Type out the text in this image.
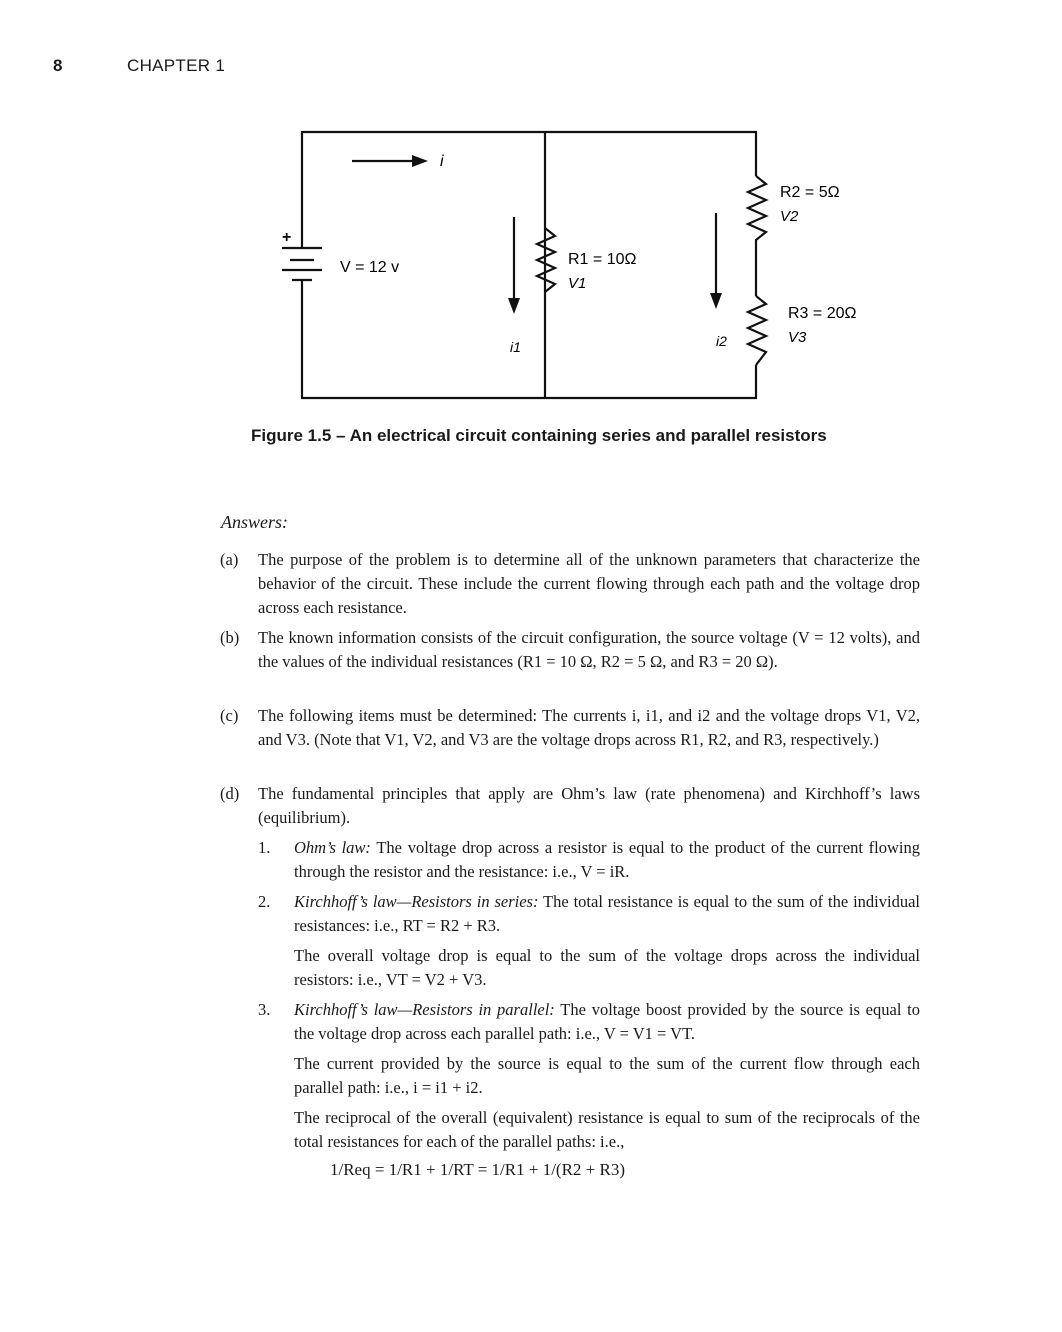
8	CHAPTER 1
+
V = 12 v
i
i1	i2
R1 = 10Ω
V1
R2 = 5Ω
V2
R3 = 20Ω
V3
Figure 1.5 – An electrical circuit containing series and parallel resistors
Answers:
(a)	The purpose of the problem is to determine all of the unknown parameters that characterize the behavior of the circuit. These include the current flowing through each path and the voltage drop across each resistance.
(b)	The known information consists of the circuit configuration, the source voltage (V = 12 volts), and the values of the individual resistances (R1 = 10 Ω, R2 = 5 Ω, and R3 = 20 Ω).
(c)	The following items must be determined: The currents i, i1, and i2 and the voltage drops V1, V2, and V3. (Note that V1, V2, and V3 are the voltage drops across R1, R2, and R3, respectively.)
(d)	The fundamental principles that apply are Ohm’s law (rate phenomena) and Kirchhoff’s laws (equilibrium).
1.	Ohm’s law: The voltage drop across a resistor is equal to the product of the current flowing through the resistor and the resistance: i.e., V = iR.
2.	Kirchhoff’s law—Resistors in series: The total resistance is equal to the sum of the individual resistances: i.e., RT = R2 + R3.
The overall voltage drop is equal to the sum of the voltage drops across the individual resistors: i.e., VT = V2 + V3.
3.	Kirchhoff’s law—Resistors in parallel: The voltage boost provided by the source is equal to the voltage drop across each parallel path: i.e., V = V1 = VT.
The current provided by the source is equal to the sum of the current flow through each parallel path: i.e., i = i1 + i2.
The reciprocal of the overall (equivalent) resistance is equal to sum of the reciprocals of the total resistances for each of the parallel paths: i.e.,
1/Req = 1/R1 + 1/RT = 1/R1 + 1/(R2 + R3)
